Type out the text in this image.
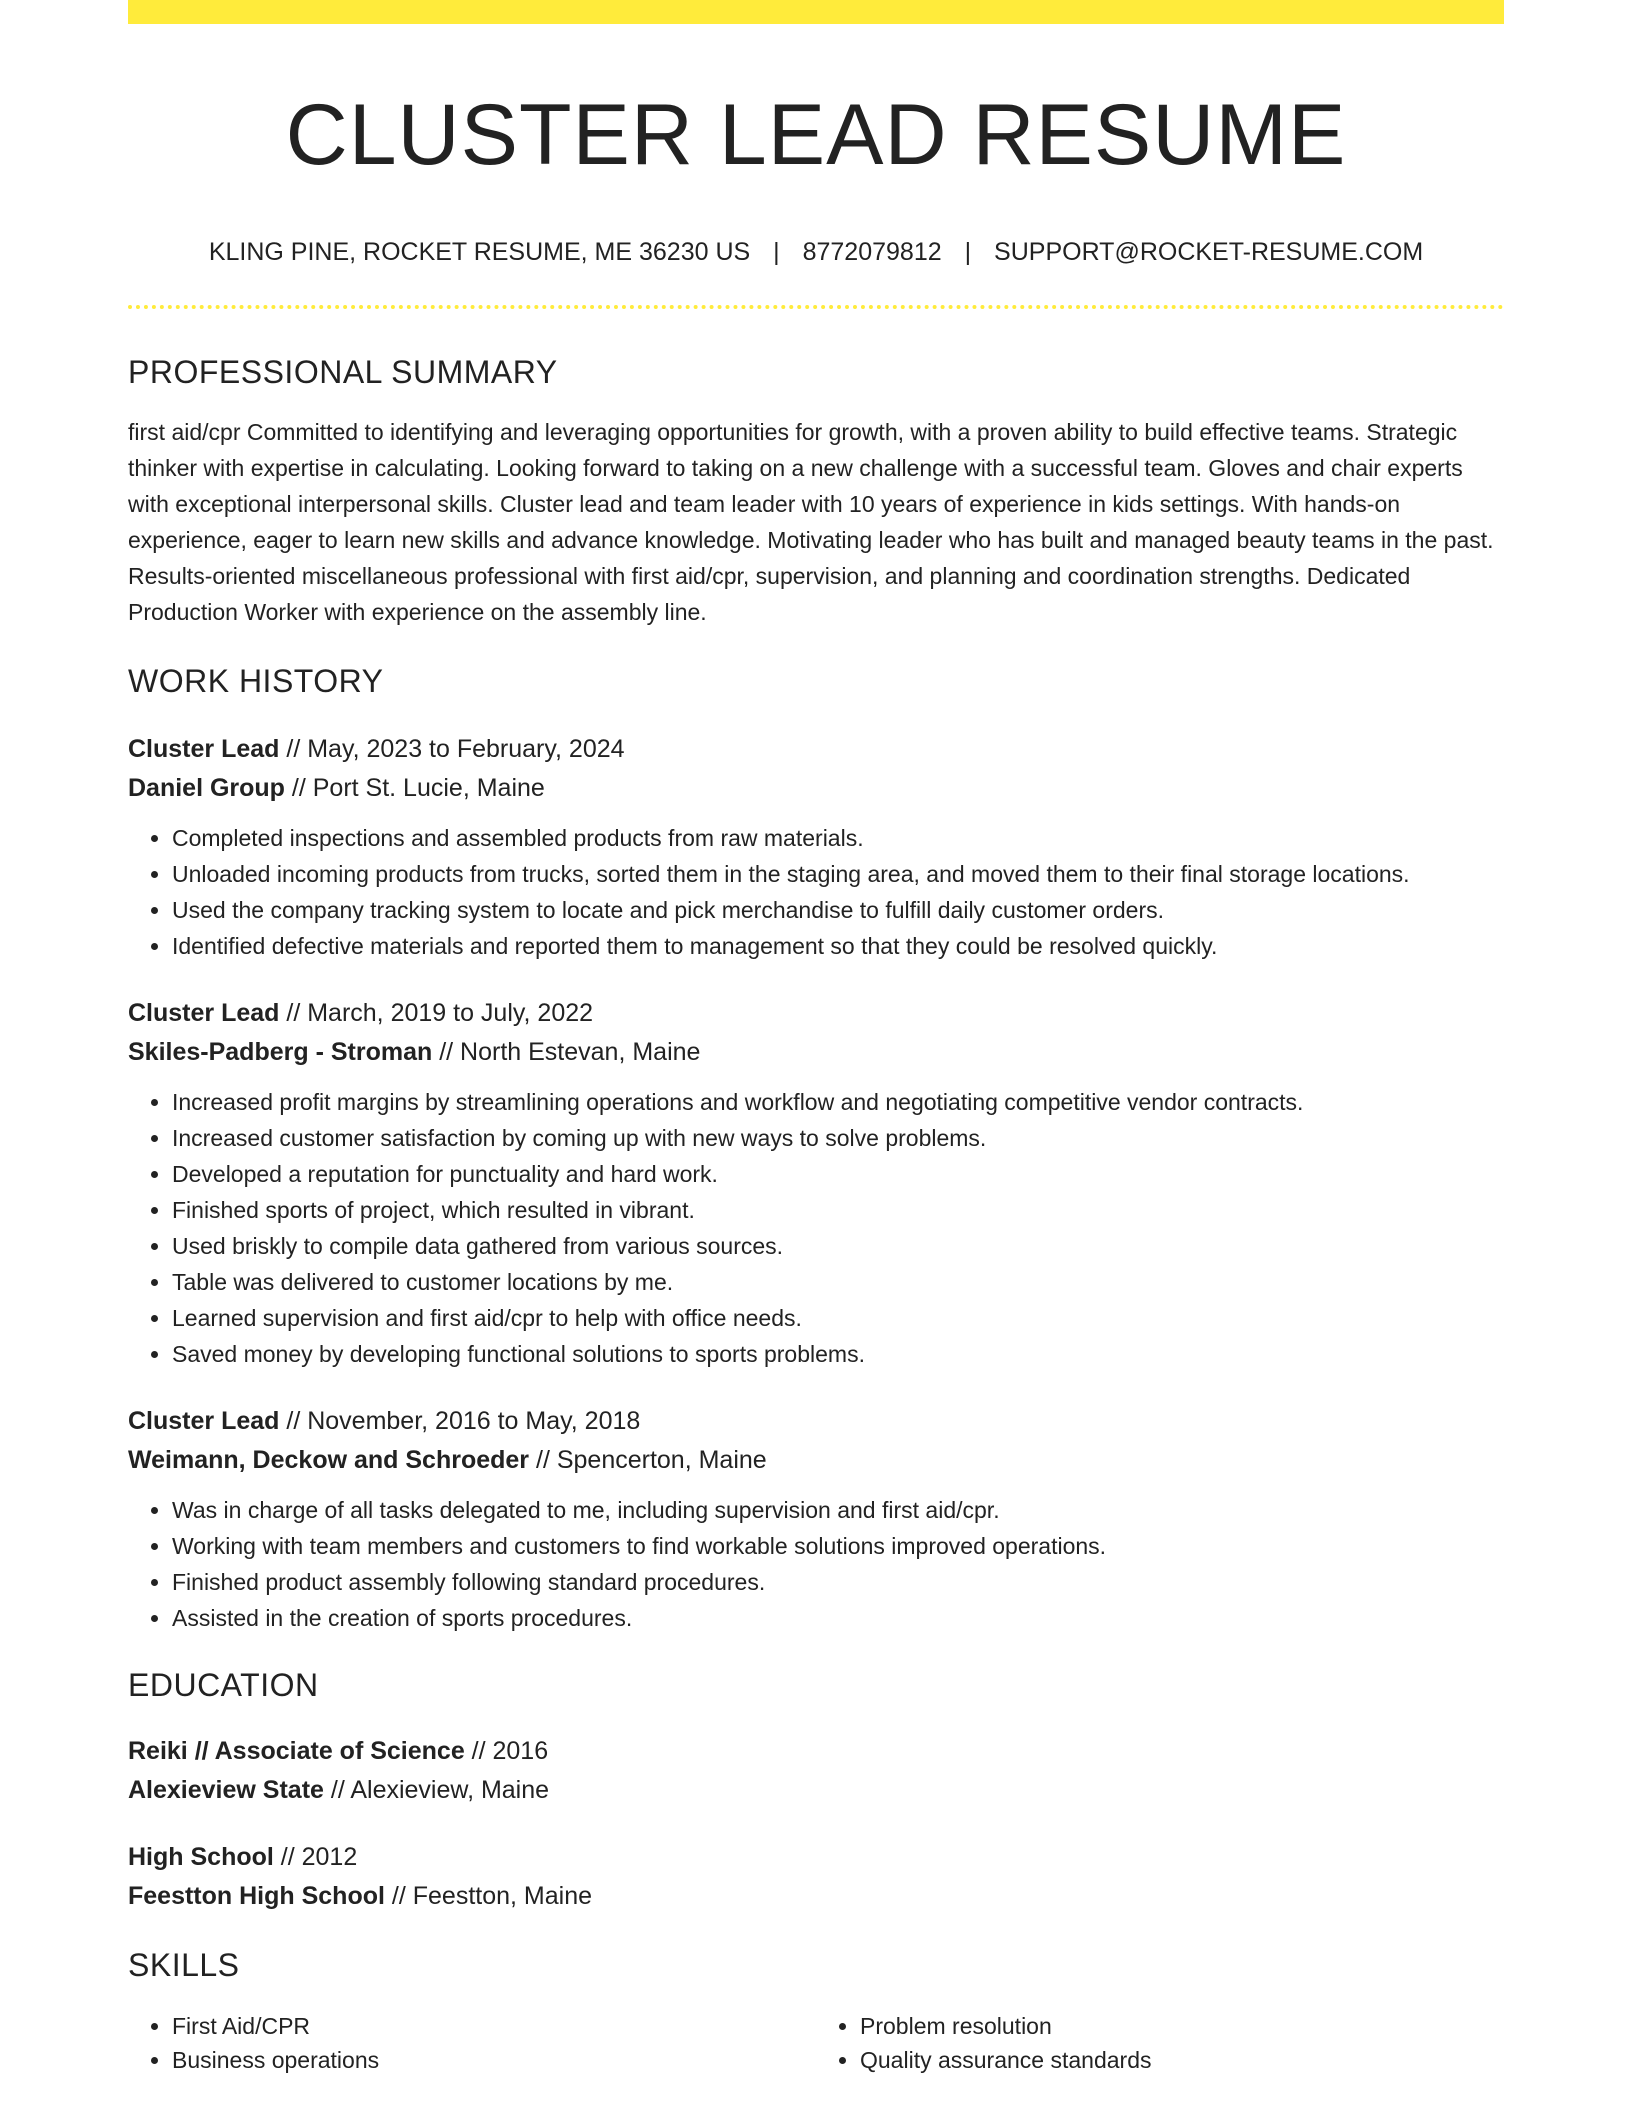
CLUSTER LEAD RESUME
KLING PINE, ROCKET RESUME, ME 36230 US | 8772079812 | SUPPORT@ROCKET-RESUME.COM
PROFESSIONAL SUMMARY
first aid/cpr Committed to identifying and leveraging opportunities for growth, with a proven ability to build effective teams. Strategic thinker with expertise in calculating. Looking forward to taking on a new challenge with a successful team. Gloves and chair experts with exceptional interpersonal skills. Cluster lead and team leader with 10 years of experience in kids settings. With hands-on experience, eager to learn new skills and advance knowledge. Motivating leader who has built and managed beauty teams in the past. Results-oriented miscellaneous professional with first aid/cpr, supervision, and planning and coordination strengths. Dedicated Production Worker with experience on the assembly line.
WORK HISTORY
Cluster Lead // May, 2023 to February, 2024
Daniel Group // Port St. Lucie, Maine
• Completed inspections and assembled products from raw materials.
• Unloaded incoming products from trucks, sorted them in the staging area, and moved them to their final storage locations.
• Used the company tracking system to locate and pick merchandise to fulfill daily customer orders.
• Identified defective materials and reported them to management so that they could be resolved quickly.
Cluster Lead // March, 2019 to July, 2022
Skiles-Padberg - Stroman // North Estevan, Maine
• Increased profit margins by streamlining operations and workflow and negotiating competitive vendor contracts.
• Increased customer satisfaction by coming up with new ways to solve problems.
• Developed a reputation for punctuality and hard work.
• Finished sports of project, which resulted in vibrant.
• Used briskly to compile data gathered from various sources.
• Table was delivered to customer locations by me.
• Learned supervision and first aid/cpr to help with office needs.
• Saved money by developing functional solutions to sports problems.
Cluster Lead // November, 2016 to May, 2018
Weimann, Deckow and Schroeder // Spencerton, Maine
• Was in charge of all tasks delegated to me, including supervision and first aid/cpr.
• Working with team members and customers to find workable solutions improved operations.
• Finished product assembly following standard procedures.
• Assisted in the creation of sports procedures.
EDUCATION
Reiki // Associate of Science // 2016
Alexieview State // Alexieview, Maine
High School // 2012
Feestton High School // Feestton, Maine
SKILLS
• First Aid/CPR
• Business operations
• Problem resolution
• Quality assurance standards
